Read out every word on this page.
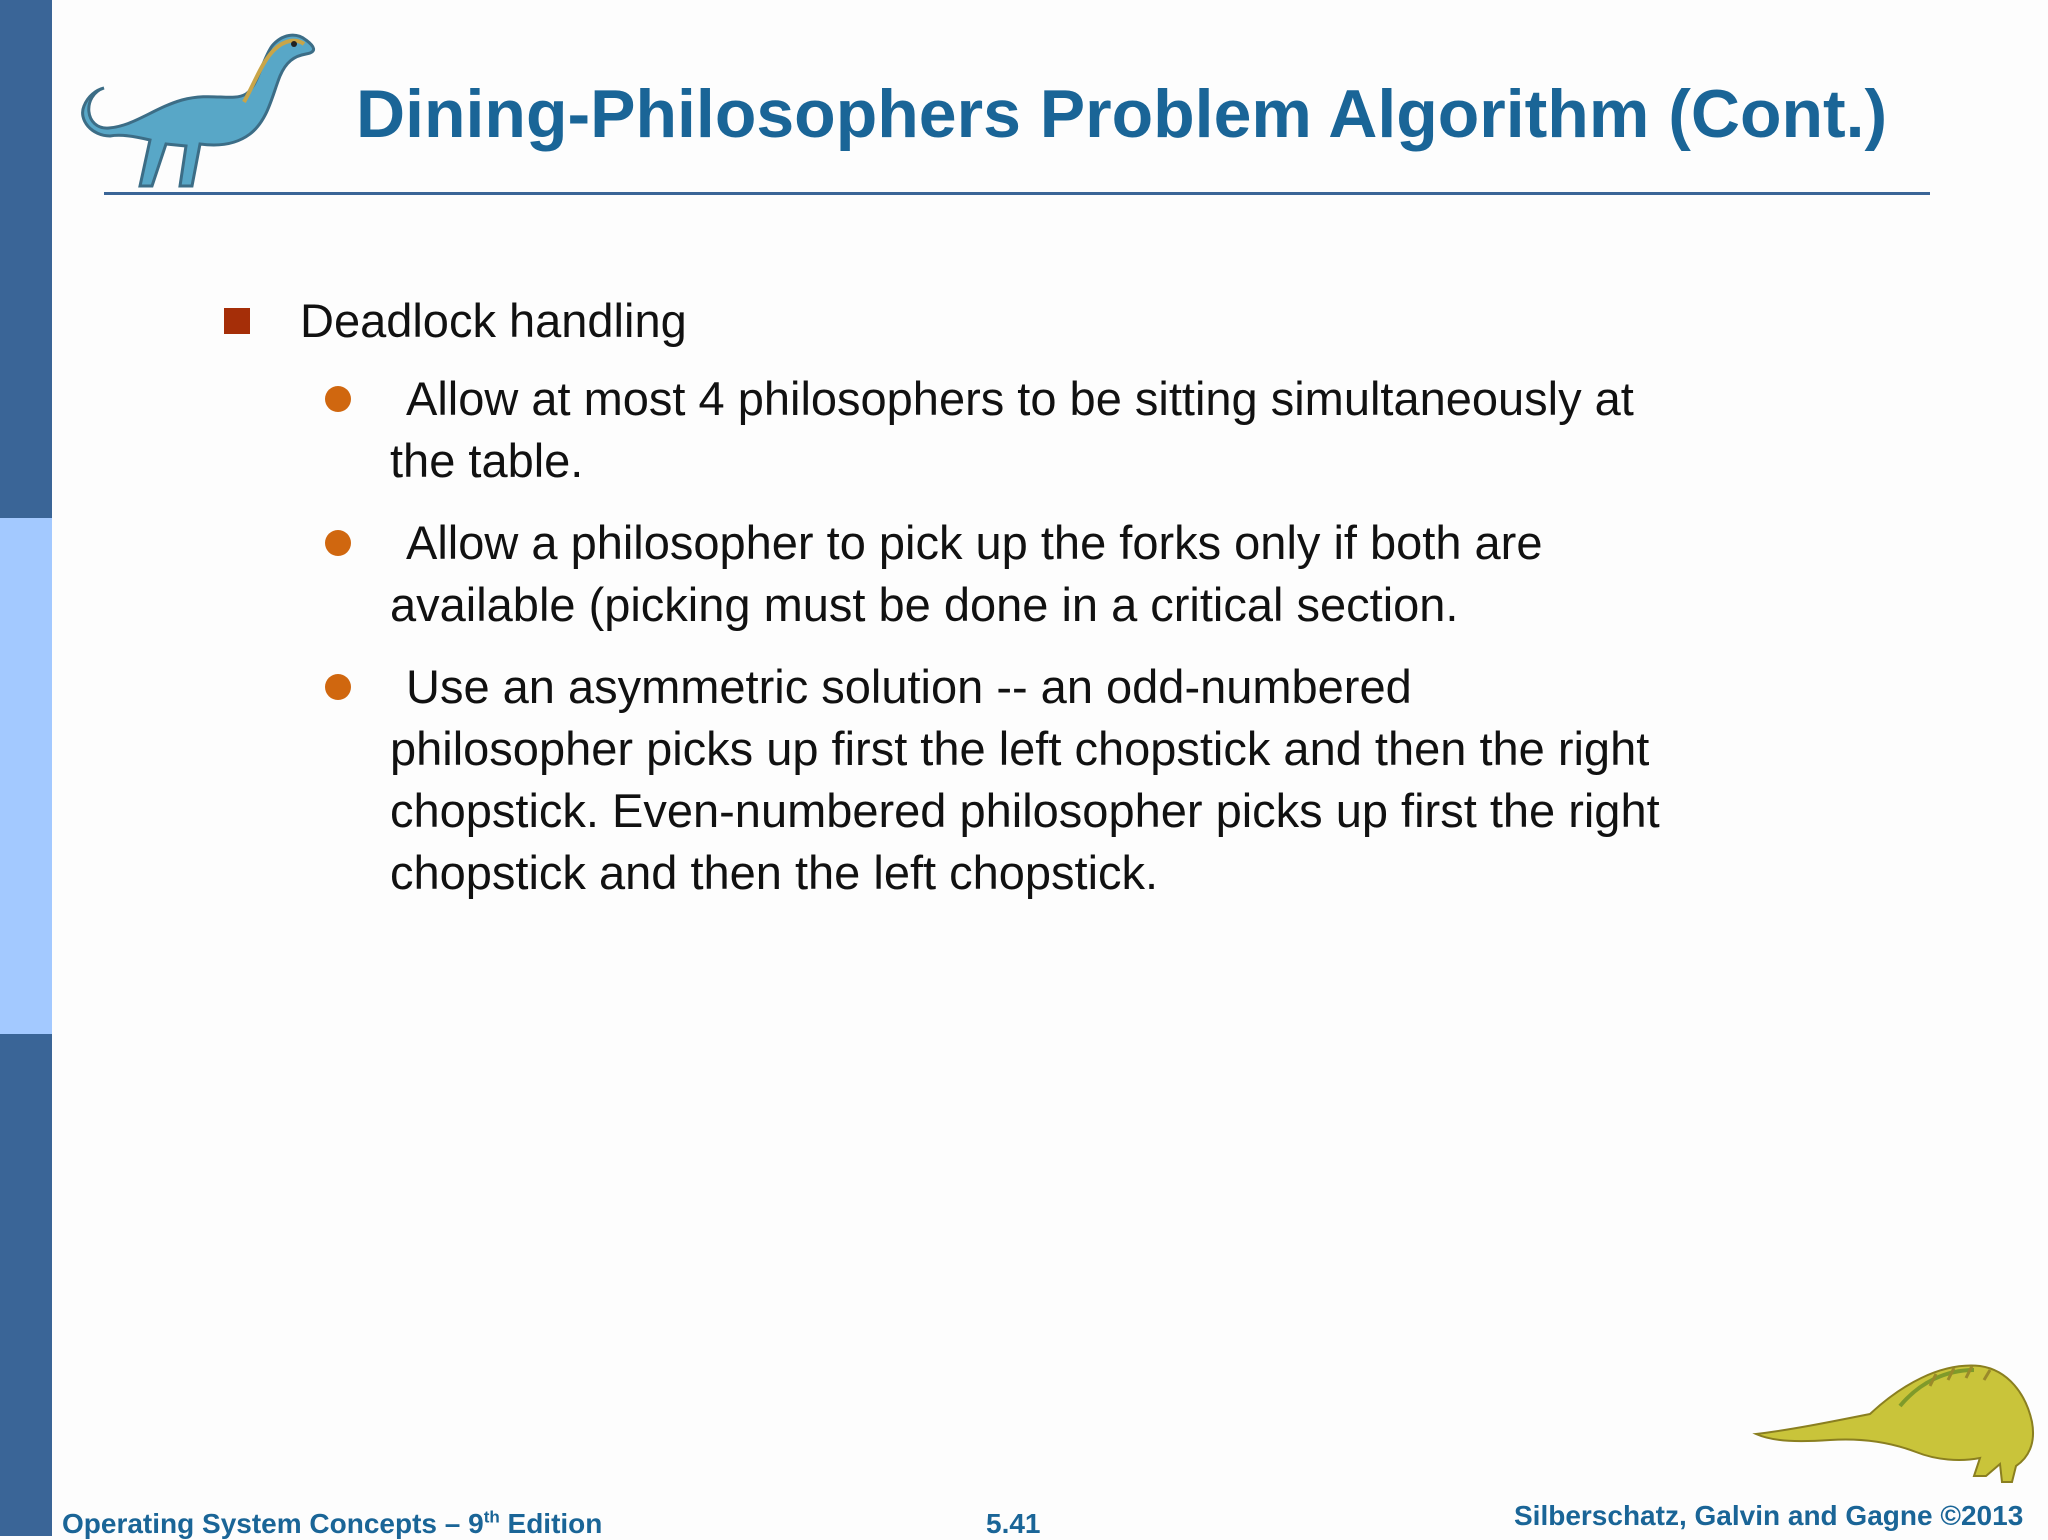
Dining-Philosophers Problem Algorithm (Cont.)
Deadlock handling
Allow at most 4 philosophers to be sitting simultaneously at the table.
Allow a philosopher to pick up the forks only if both are available (picking must be done in a critical section.
Use an asymmetric solution -- an odd-numbered philosopher picks up first the left chopstick and then the right chopstick. Even-numbered philosopher picks up first the right chopstick and then the left chopstick.
Operating System Concepts – 9th Edition	5.41	Silberschatz, Galvin and Gagne ©2013
